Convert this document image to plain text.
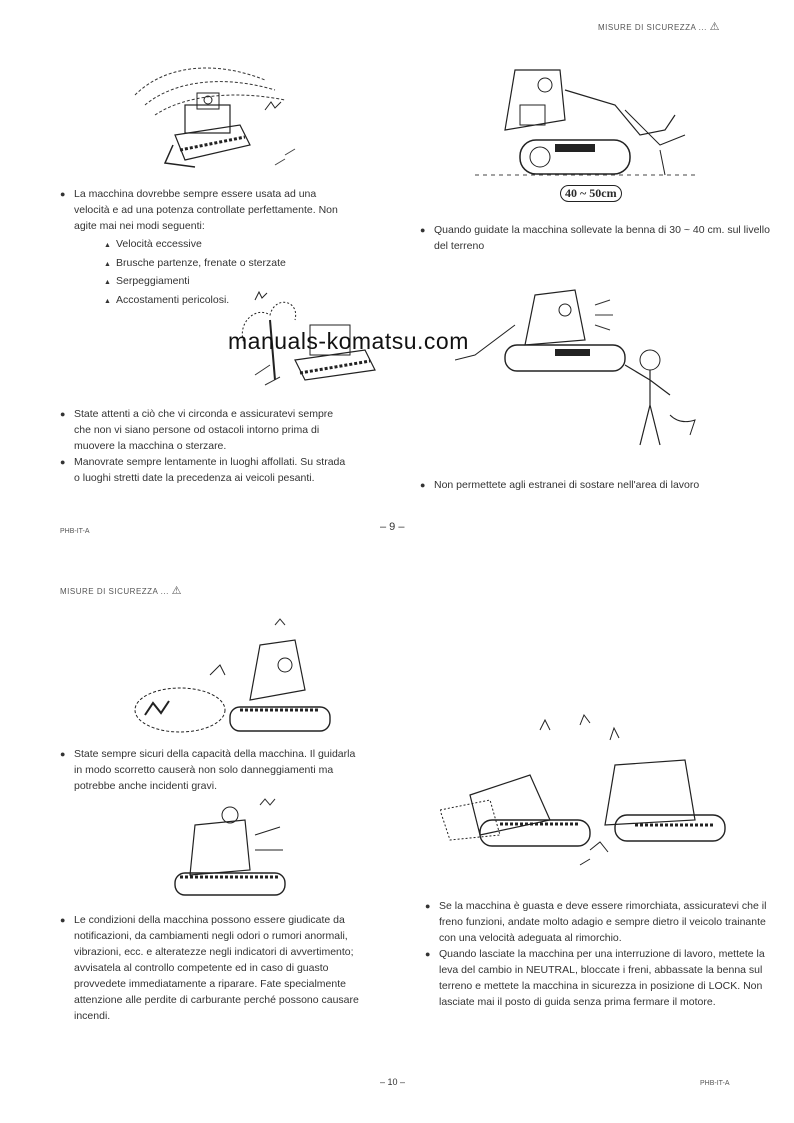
MISURE DI SICUREZZA ... ⚠
● La macchina dovrebbe sempre essere usata ad una velocità e ad una potenza controllate perfettamente. Non agite mai nei modi seguenti:
▲ Velocità eccessive
▲ Brusche partenze, frenate o sterzate
▲ Serpeggiamenti
▲ Accostamenti pericolosi.
● State attenti a ciò che vi circonda e assicuratevi sempre che non vi siano persone od ostacoli intorno prima di muovere la macchina o sterzare.
● Manovrate sempre lentamente in luoghi affollati. Su strada o luoghi stretti date la precedenza ai veicoli pesanti.
40 ~ 50cm
● Quando guidate la macchina sollevate la benna di 30 ~ 40 cm. sul livello del terreno
● Non permettete agli estranei di sostare nell'area di lavoro
PHB-IT-A	– 9 –
manuals-komatsu.com
MISURE DI SICUREZZA ... ⚠
● State sempre sicuri della capacità della macchina. Il guidarla in modo scorretto causerà non solo danneggiamenti ma potrebbe anche incidenti gravi.
● Le condizioni della macchina possono essere giudicate da notificazioni, da cambiamenti negli odori o rumori anormali, vibrazioni, ecc. e alteratezze negli indicatori di avvertimento; avvisatela al controllo competente ed in caso di guasto provvedete immediatamente a riparare. Fate specialmente attenzione alle perdite di carburante perché possono causare incendi.
● Se la macchina è guasta e deve essere rimorchiata, assicuratevi che il freno funzioni, andate molto adagio e sempre dietro il veicolo trainante con una velocità adeguata al rimorchio.
● Quando lasciate la macchina per una interruzione di lavoro, mettete la leva del cambio in NEUTRAL, bloccate i freni, abbassate la benna sul terreno e mettete la macchina in sicurezza in posizione di LOCK. Non lasciate mai il posto di guida senza prima fermare il motore.
– 10 –	PHB-IT-A
